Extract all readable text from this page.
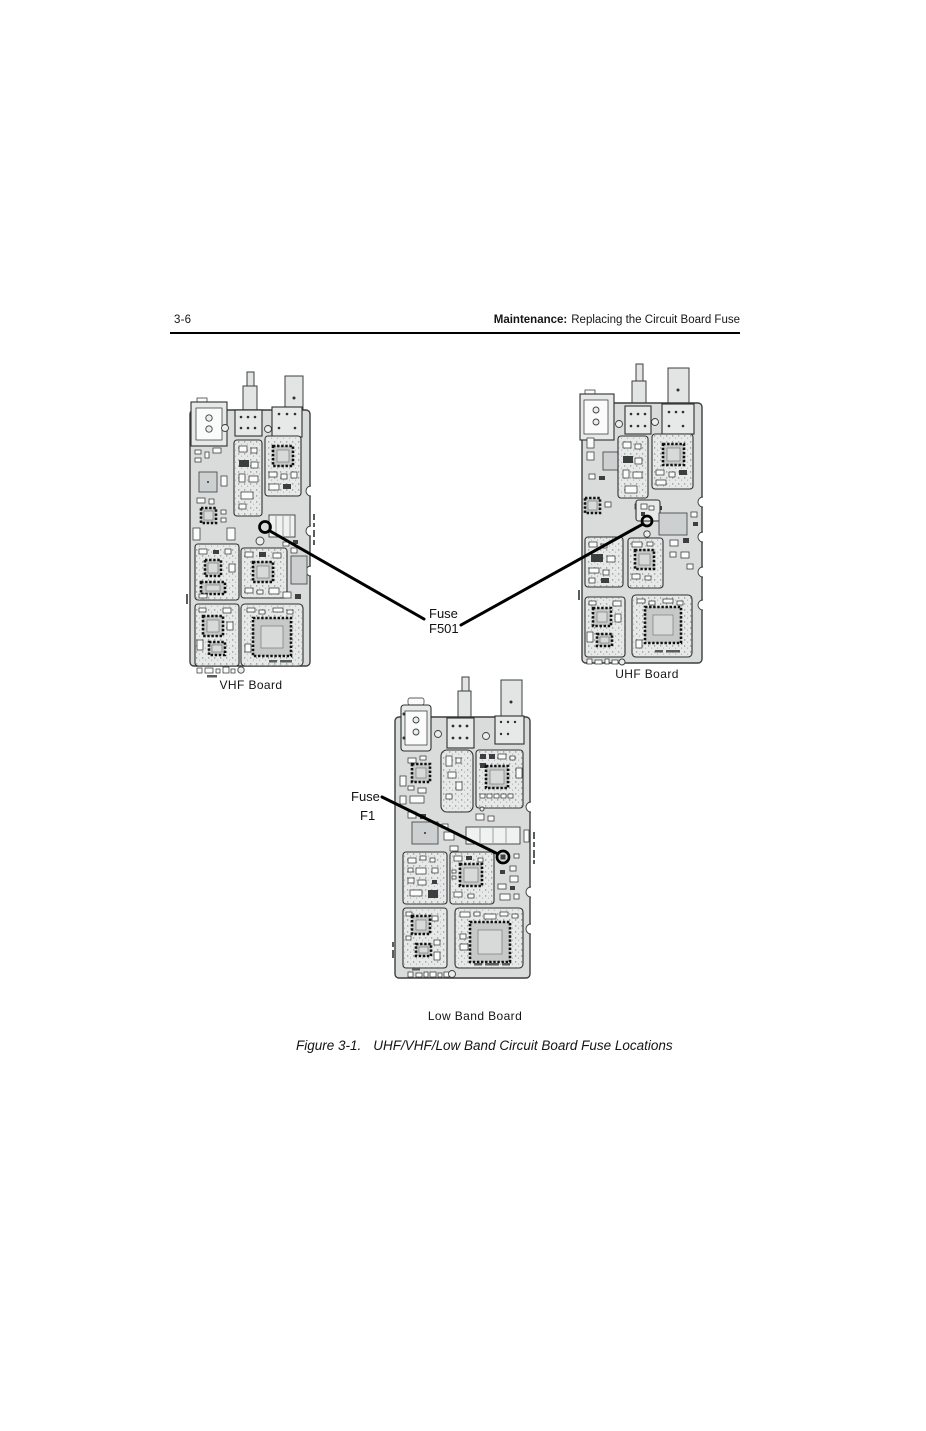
3-6	Maintenance: Replacing the Circuit Board Fuse
Fuse
F501
Fuse
F1
VHF Board
UHF Board
Low Band Board
Figure 3-1. UHF/VHF/Low Band Circuit Board Fuse Locations
